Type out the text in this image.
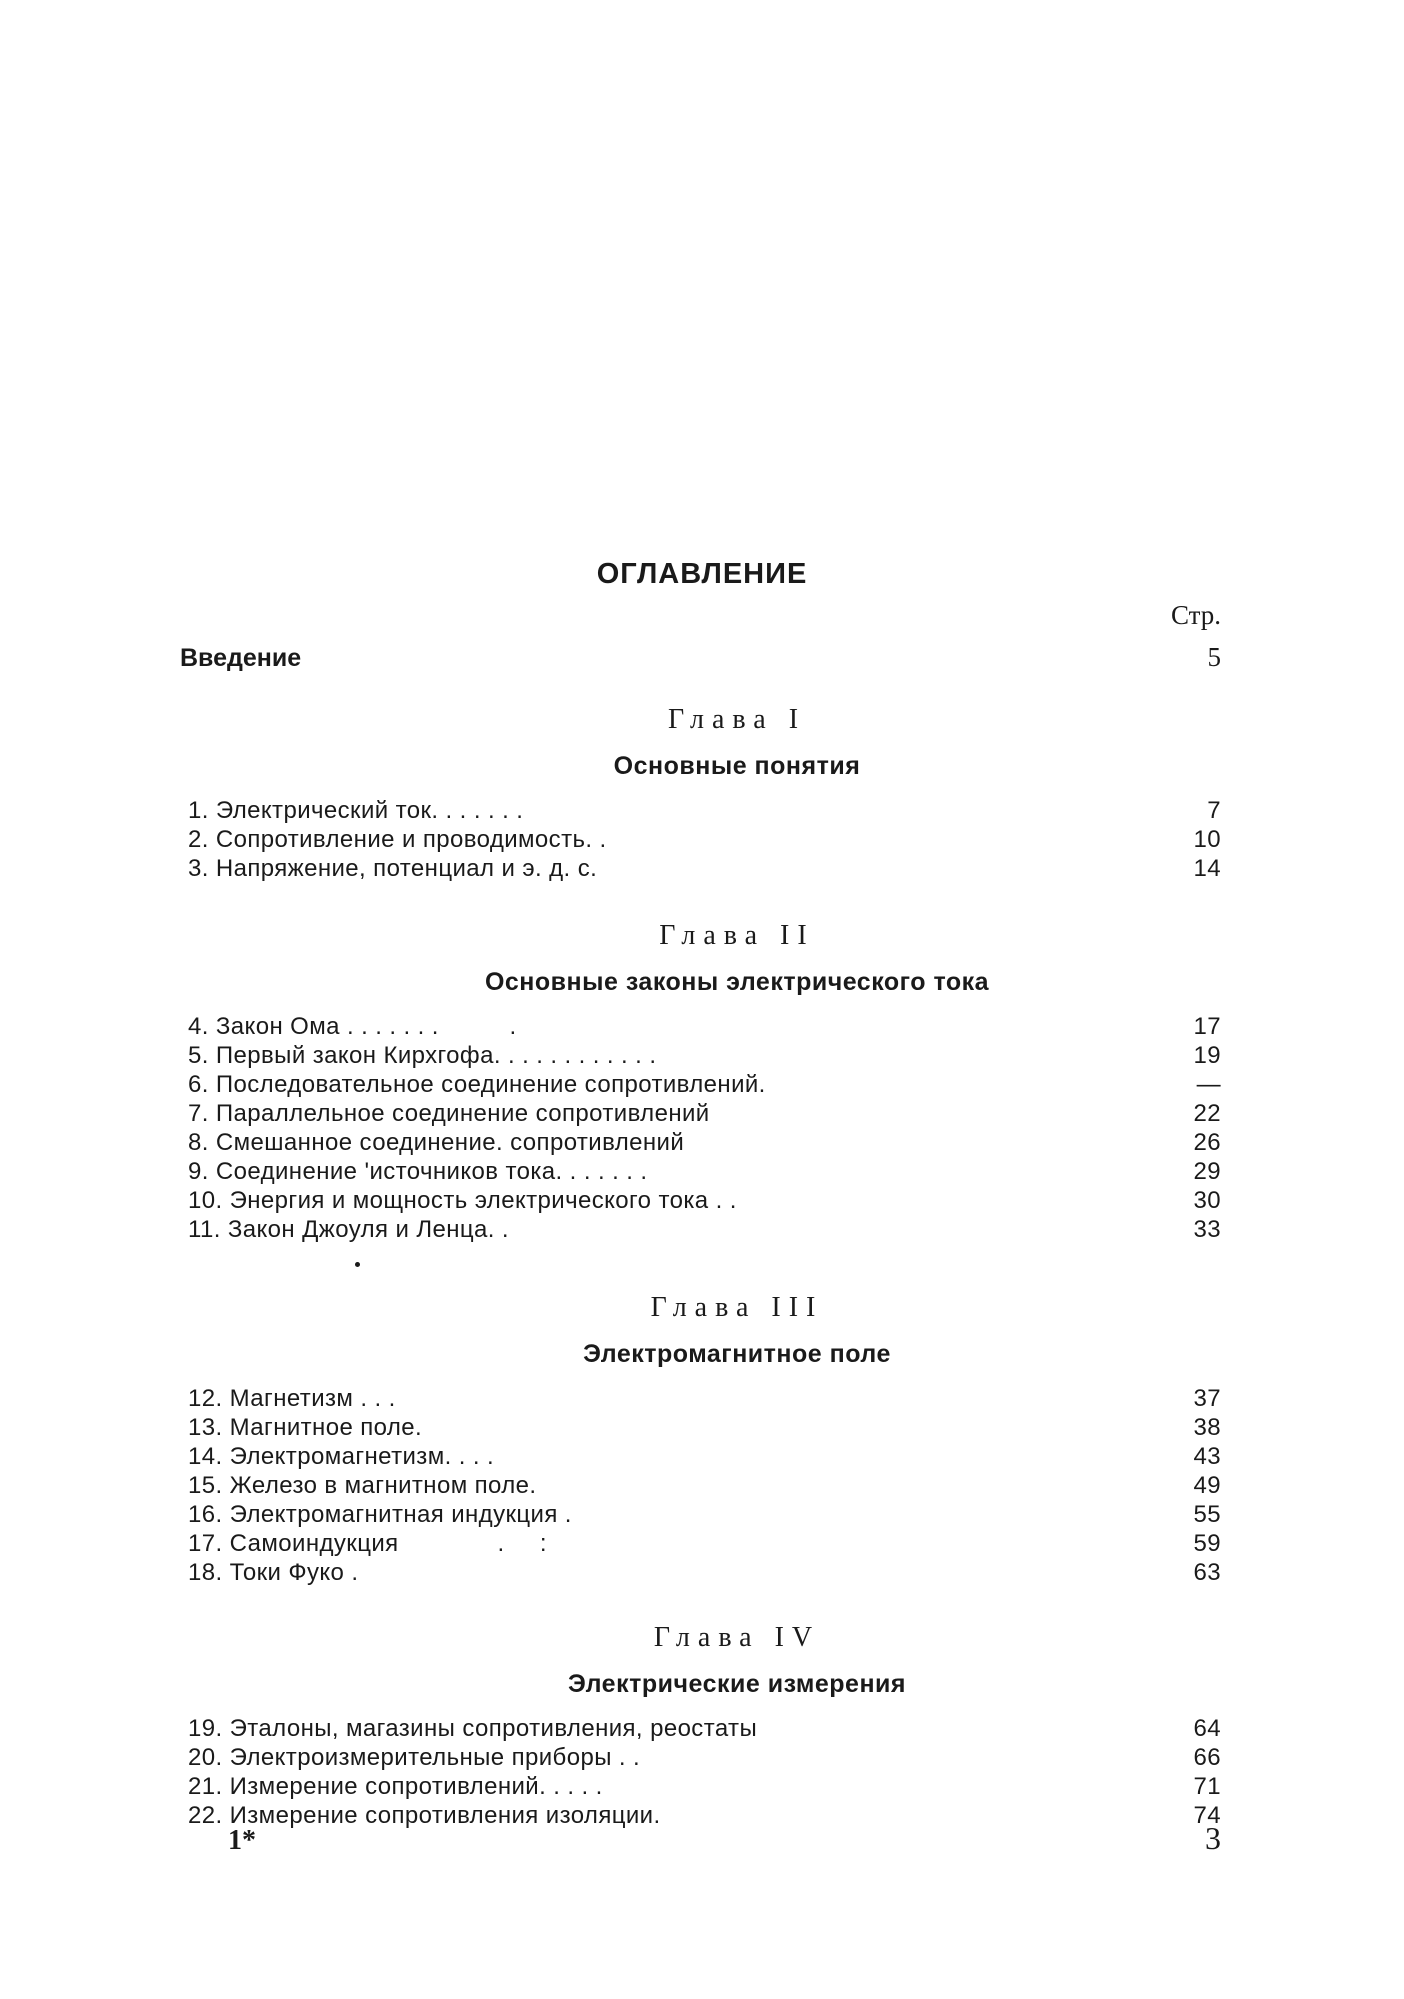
ОГЛАВЛЕНИЕ
Стр.
Введение	5
Глава I
Основные понятия
1. Электрический ток. . . . . . .	7
2. Сопротивление и проводимость. .	10
3. Напряжение, потенциал и э. д. с.	14
Глава II
Основные законы электрического тока
4. Закон Ома . . . . . . .          .	17
5. Первый закон Кирхгофа. . . . . . . . . . . .	19
6. Последовательное соединение сопротивлений.	—
7. Параллельное соединение сопротивлений	22
8. Смешанное соединение. сопротивлений	26
9. Соединение 'источников тока. . . . . . .	29
10. Энергия и мощность электрического тока . .	30
11. Закон Джоуля и Ленца. .	33
Глава III
Электромагнитное поле
12. Магнетизм . . .	37
13. Магнитное поле.	38
14. Электромагнетизм. . . .	43
15. Железо в магнитном поле.	49
16. Электромагнитная индукция .	55
17. Самоиндукция              .     :	59
18. Токи Фуко .	63
Глава IV
Электрические измерения
19. Эталоны, магазины сопротивления, реостаты	64
20. Электроизмерительные приборы . .	66
21. Измерение сопротивлений. . . . .	71
22. Измерение сопротивления изоляции.	74
1*	3
